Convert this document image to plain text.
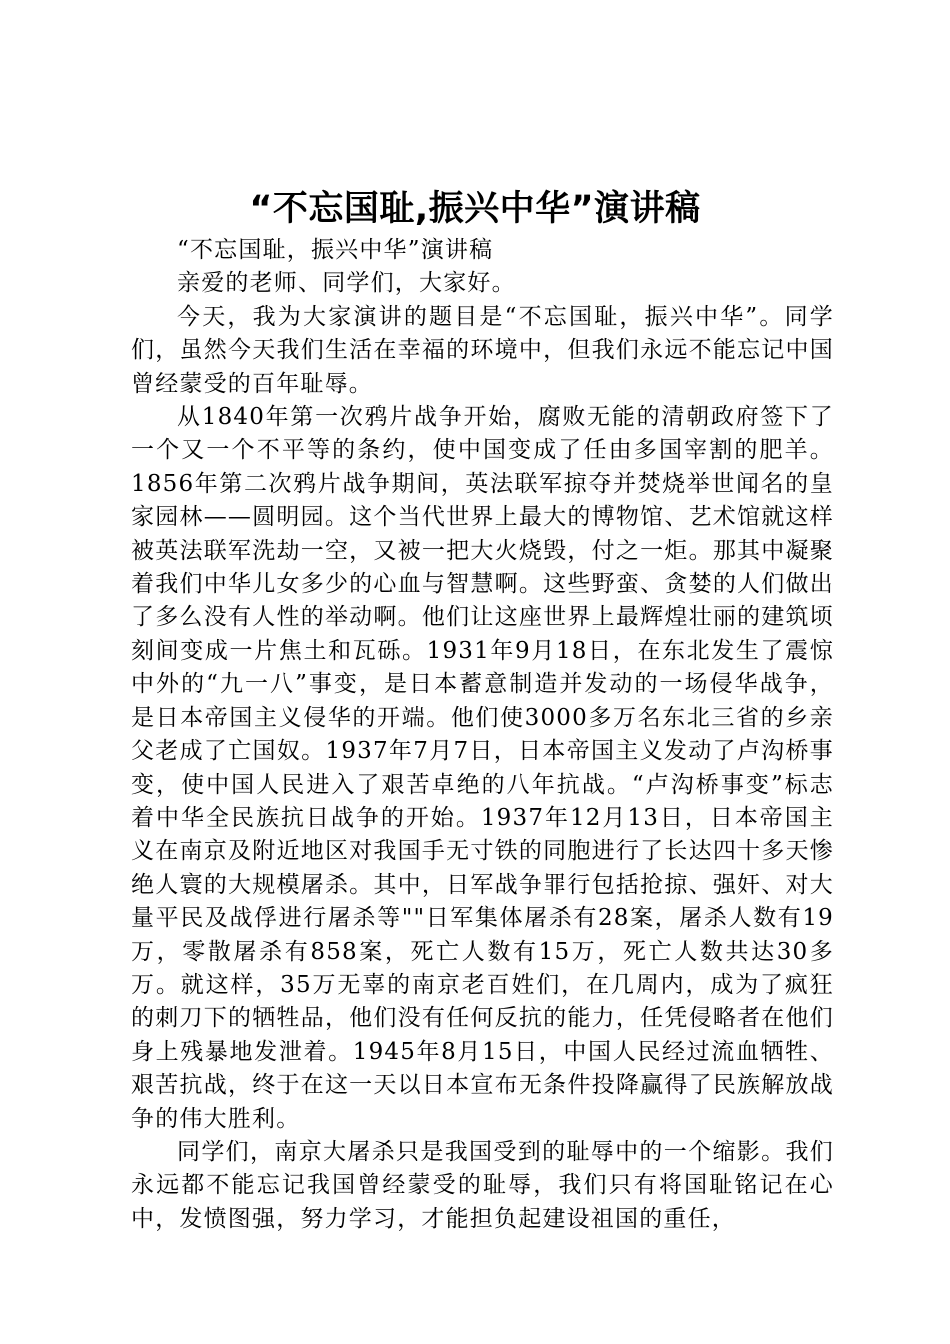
“不忘国耻,振兴中华”演讲稿

“不忘国耻，振兴中华”演讲稿

亲爱的老师、同学们，大家好。

今天，我为大家演讲的题目是“不忘国耻，振兴中华”。同学们，虽然今天我们生活在幸福的环境中，但我们永远不能忘记中国曾经蒙受的百年耻辱。

从1840年第一次鸦片战争开始，腐败无能的清朝政府签下了一个又一个不平等的条约，使中国变成了任由多国宰割的肥羊。1856年第二次鸦片战争期间，英法联军掠夺并焚烧举世闻名的皇家园林——圆明园。这个当代世界上最大的博物馆、艺术馆就这样被英法联军洗劫一空，又被一把大火烧毁，付之一炬。那其中凝聚着我们中华儿女多少的心血与智慧啊。这些野蛮、贪婪的人们做出了多么没有人性的举动啊。他们让这座世界上最辉煌壮丽的建筑顷刻间变成一片焦土和瓦砾。1931年9月18日，在东北发生了震惊中外的“九一八”事变，是日本蓄意制造并发动的一场侵华战争，是日本帝国主义侵华的开端。他们使3000多万名东北三省的乡亲父老成了亡国奴。1937年7月7日，日本帝国主义发动了卢沟桥事变，使中国人民进入了艰苦卓绝的八年抗战。“卢沟桥事变”标志着中华全民族抗日战争的开始。1937年12月13日，日本帝国主义在南京及附近地区对我国手无寸铁的同胞进行了长达四十多天惨绝人寰的大规模屠杀。其中，日军战争罪行包括抢掠、强奸、对大量平民及战俘进行屠杀等""日军集体屠杀有28案，屠杀人数有19万，零散屠杀有858案，死亡人数有15万，死亡人数共达30多万。就这样，35万无辜的南京老百姓们，在几周内，成为了疯狂的刺刀下的牺牲品，他们没有任何反抗的能力，任凭侵略者在他们身上残暴地发泄着。1945年8月15日，中国人民经过流血牺牲、艰苦抗战，终于在这一天以日本宣布无条件投降赢得了民族解放战争的伟大胜利。

同学们，南京大屠杀只是我国受到的耻辱中的一个缩影。我们永远都不能忘记我国曾经蒙受的耻辱，我们只有将国耻铭记在心中，发愤图强，努力学习，才能担负起建设祖国的重任，
